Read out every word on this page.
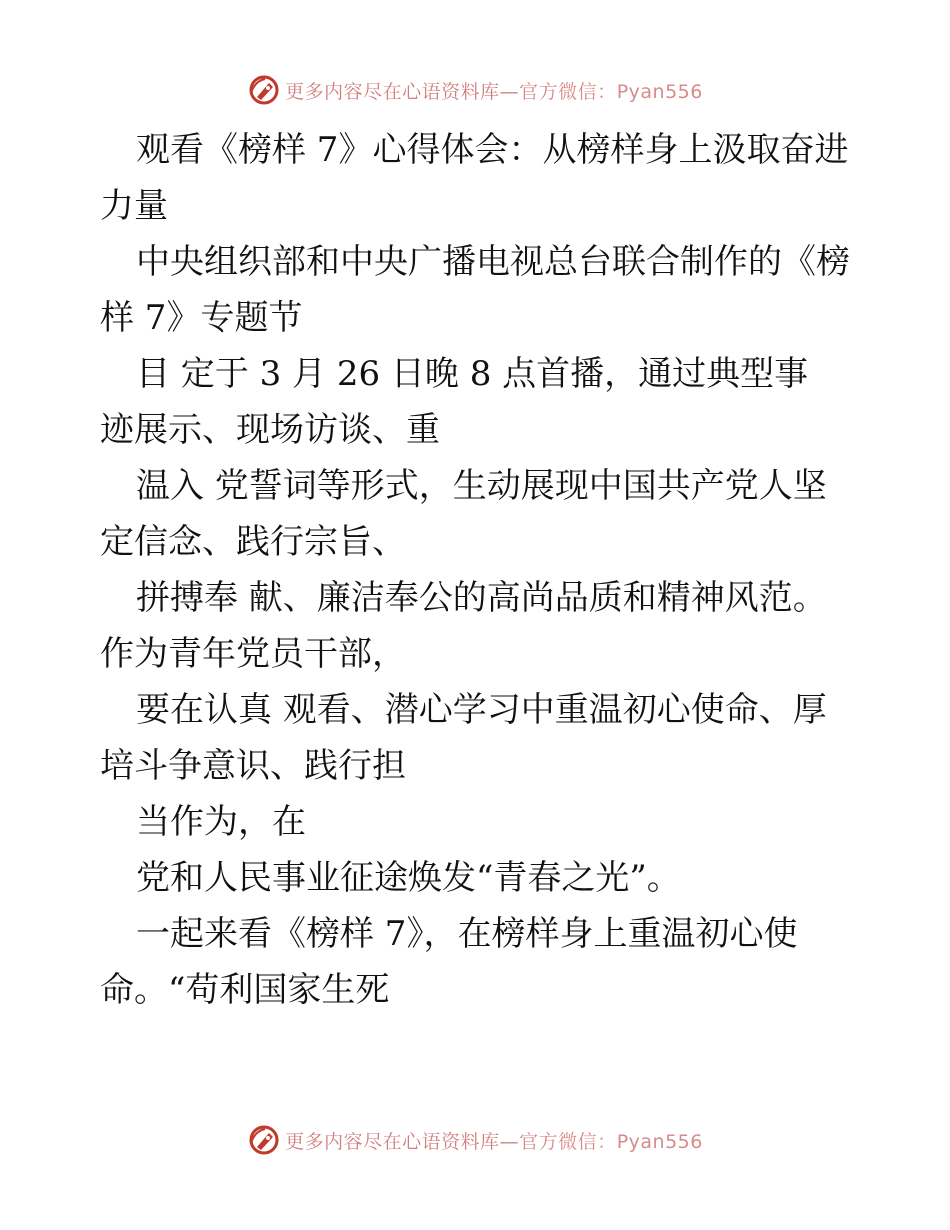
更多内容尽在心语资料库—官方微信：Pyan556
观看《榜样 7》心得体会：从榜样身上汲取奋进
力量
中央组织部和中央广播电视总台联合制作的《榜
样 7》专题节
目 定于 3 月 26 日晚 8 点首播，通过典型事
迹展示、现场访谈、重
温入 党誓词等形式，生动展现中国共产党人坚
定信念、践行宗旨、
拼搏奉 献、廉洁奉公的高尚品质和精神风范。
作为青年党员干部，
要在认真 观看、潜心学习中重温初心使命、厚
培斗争意识、践行担
当作为，在
党和人民事业征途焕发“青春之光”。
一起来看《榜样 7》，在榜样身上重温初心使
命。“苟利国家生死
更多内容尽在心语资料库—官方微信：Pyan556
